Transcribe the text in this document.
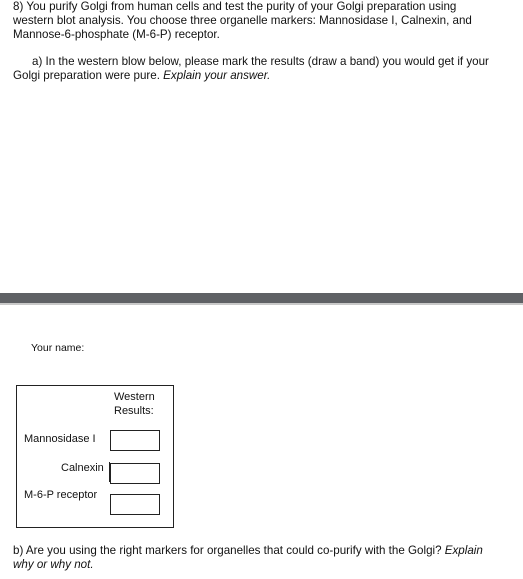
8) You purify Golgi from human cells and test the purity of your Golgi preparation using
western blot analysis. You choose three organelle markers: Mannosidase I, Calnexin, and
Mannose-6-phosphate (M-6-P) receptor.
a) In the western blow below, please mark the results (draw a band) you would get if your
Golgi preparation were pure. Explain your answer.
Your name:
Western
Results:
Mannosidase I
Calnexin
M-6-P receptor
b) Are you using the right markers for organelles that could co-purify with the Golgi? Explain
why or why not.
